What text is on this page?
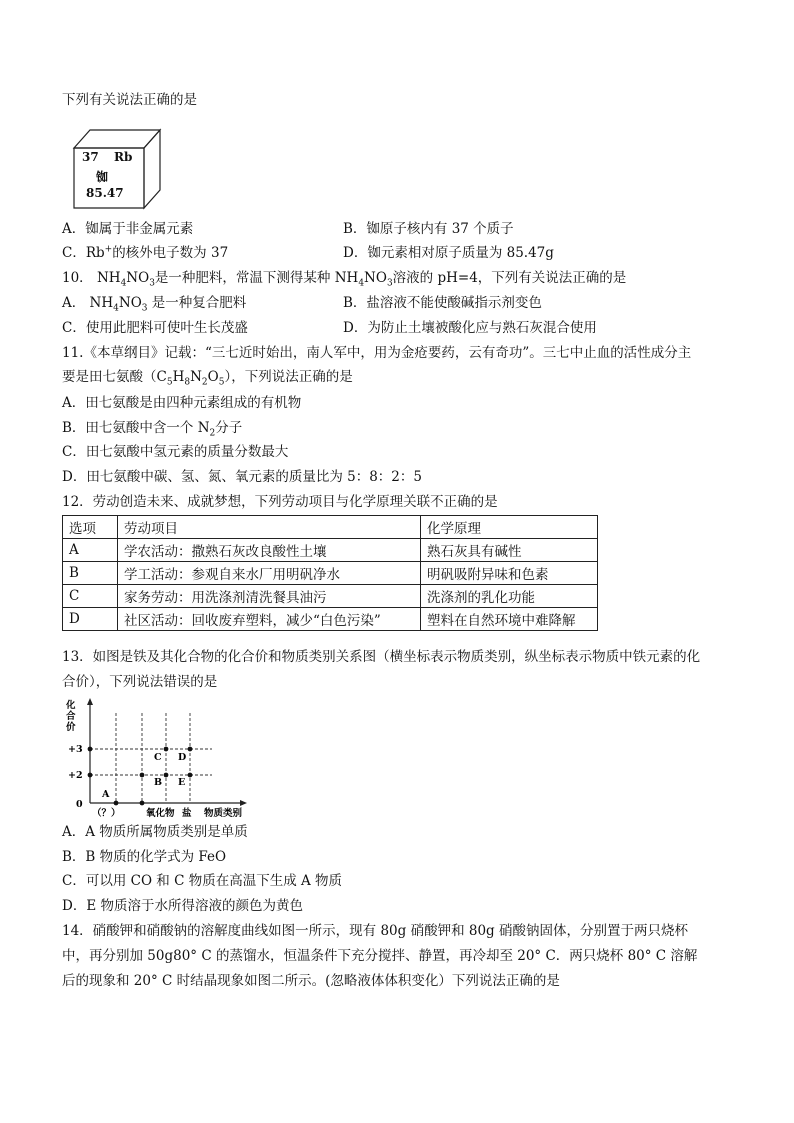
下列有关说法正确的是
37 Rb
铷
85.47
A．铷属于非金属元素	B．铷原子核内有 37 个质子
C．Rb+的核外电子数为 37	D．铷元素相对原子质量为 85.47g
10． $NH_4NO_3$是一种肥料，常温下测得某种 $NH_4NO_3$溶液的 pH=4，下列有关说法正确的是
A． $NH_4NO_3$ 是一种复合肥料	B．盐溶液不能使酸碱指示剂变色
C．使用此肥料可使叶生长茂盛	D．为防止土壤被酸化应与熟石灰混合使用
11.《本草纲目》记载：“三七近时始出，南人军中，用为金疮要药，云有奇功”。三七中止血的活性成分主
要是田七氨酸$(C_5H_8N_2O_5)$，下列说法正确的是
A．田七氨酸是由四种元素组成的有机物
B．田七氨酸中含一个 $N_2$分子
C．田七氨酸中氢元素的质量分数最大
D．田七氨酸中碳、氢、氮、氧元素的质量比为 5：8：2：5
12．劳动创造未来、成就梦想，下列劳动项目与化学原理关联不正确的是
选项	劳动项目	化学原理
A	学农活动：撒熟石灰改良酸性土壤	熟石灰具有碱性
B	学工活动：参观自来水厂用明矾净水	明矾吸附异味和色素
C	家务劳动：用洗涤剂清洗餐具油污	洗涤剂的乳化功能
D	社区活动：回收废弃塑料，减少“白色污染”	塑料在自然环境中难降解
13．如图是铁及其化合物的化合价和物质类别关系图（横坐标表示物质类别，纵坐标表示物质中铁元素的化
合价），下列说法错误的是
化
合
价
+3
+2
0
A
B
C D
E
（？）	氧化物 盐 物质类别
A．A 物质所属物质类别是单质
B．B 物质的化学式为 FeO
C．可以用 CO 和 C 物质在高温下生成 A 物质
D．E 物质溶于水所得溶液的颜色为黄色
14．硝酸钾和硝酸钠的溶解度曲线如图一所示，现有 80g 硝酸钾和 80g 硝酸钠固体，分别置于两只烧杯
中，再分别加 50g80° C 的蒸馏水，恒温条件下充分搅拌、静置，再冷却至 20° C．两只烧杯 80° C 溶解
后的现象和 20° C 时结晶现象如图二所示。(忽略液体体积变化）下列说法正确的是
